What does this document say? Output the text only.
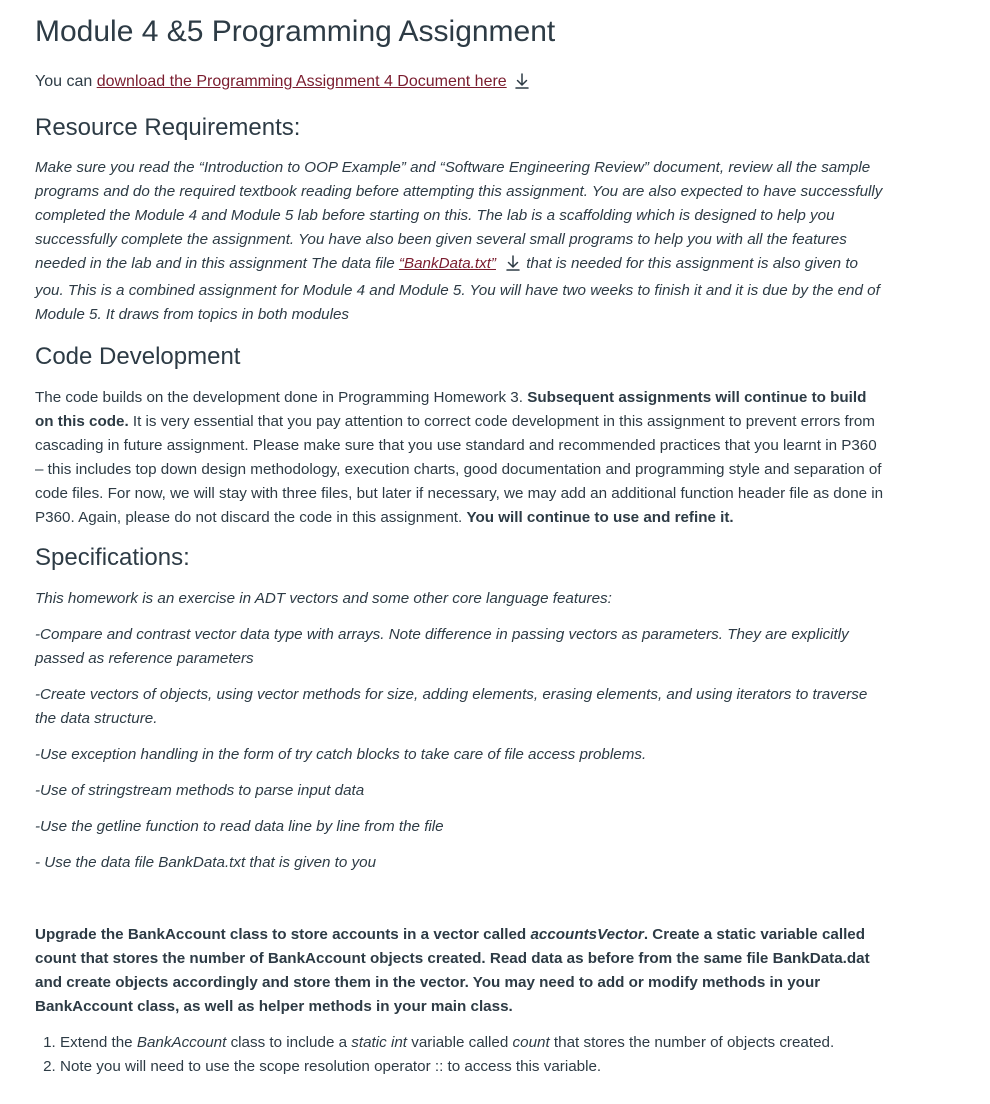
Module 4 &5 Programming Assignment

You can download the Programming Assignment 4 Document here

Resource Requirements:

Make sure you read the “Introduction to OOP Example” and “Software Engineering Review” document, review all the sample programs and do the required textbook reading before attempting this assignment. You are also expected to have successfully completed the Module 4 and Module 5 lab before starting on this. The lab is a scaffolding which is designed to help you successfully complete the assignment. You have also been given several small programs to help you with all the features needed in the lab and in this assignment The data file “BankData.txt” that is needed for this assignment is also given to you. This is a combined assignment for Module 4 and Module 5. You will have two weeks to finish it and it is due by the end of Module 5. It draws from topics in both modules

Code Development

The code builds on the development done in Programming Homework 3. Subsequent assignments will continue to build on this code. It is very essential that you pay attention to correct code development in this assignment to prevent errors from cascading in future assignment. Please make sure that you use standard and recommended practices that you learnt in P360 – this includes top down design methodology, execution charts, good documentation and programming style and separation of code files. For now, we will stay with three files, but later if necessary, we may add an additional function header file as done in P360. Again, please do not discard the code in this assignment. You will continue to use and refine it.

Specifications:

This homework is an exercise in ADT vectors and some other core language features:

-Compare and contrast vector data type with arrays. Note difference in passing vectors as parameters. They are explicitly passed as reference parameters

-Create vectors of objects, using vector methods for size, adding elements, erasing elements, and using iterators to traverse the data structure.

-Use exception handling in the form of try catch blocks to take care of file access problems.

-Use of stringstream methods to parse input data

-Use the getline function to read data line by line from the file

- Use the data file BankData.txt that is given to you

Upgrade the BankAccount class to store accounts in a vector called accountsVector. Create a static variable called count that stores the number of BankAccount objects created. Read data as before from the same file BankData.dat and create objects accordingly and store them in the vector. You may need to add or modify methods in your BankAccount class, as well as helper methods in your main class.

1. Extend the BankAccount class to include a static int variable called count that stores the number of objects created.
2. Note you will need to use the scope resolution operator :: to access this variable.
